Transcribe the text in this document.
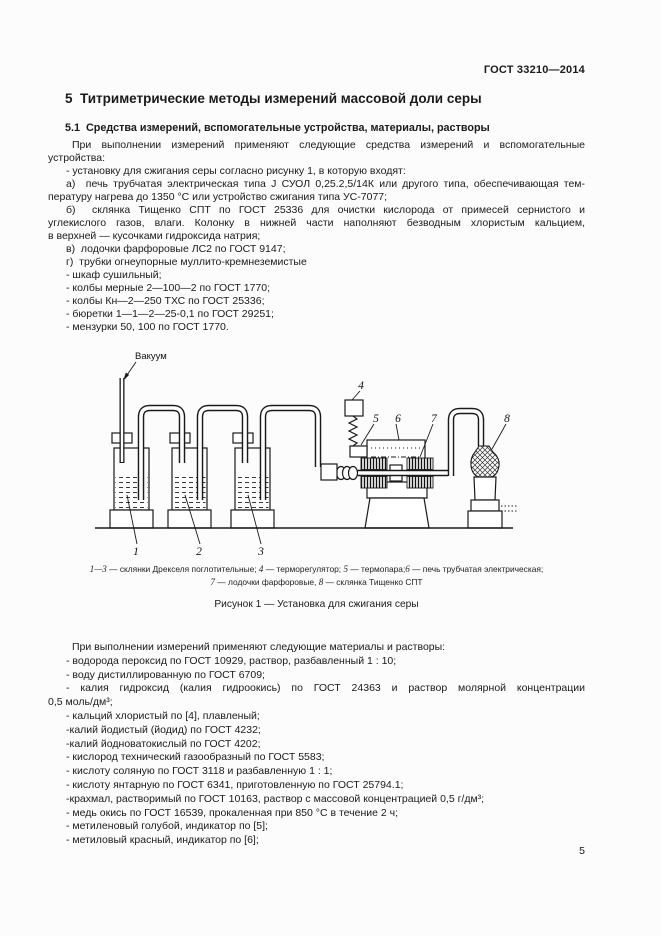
ГОСТ 33210—2014
5  Титриметрические методы измерений массовой доли серы
5.1  Средства измерений, вспомогательные устройства, материалы, растворы
При выполнении измерений применяют следующие средства измерений и вспомогательные
устройства:
- установку для сжигания серы согласно рисунку 1, в которую входят:
а)  печь трубчатая электрическая типа J СУОЛ 0,25.2,5/14К или другого типа, обеспечивающая тем-
пературу нагрева до 1350 °С или устройство сжигания типа УС-7077;
б)  склянка Тищенко СПТ по ГОСТ 25336 для очистки кислорода от примесей сернистого и
углекислого газов, влаги. Колонку в нижней части наполняют безводным хлористым кальцием,
в верхней — кусочками гидроксида натрия;
в)  лодочки фарфоровые ЛС2 по ГОСТ 9147;
г)  трубки огнеупорные муллито-кремнеземистые
- шкаф сушильный;
- колбы мерные 2—100—2 по ГОСТ 1770;
- колбы Кн—2—250 ТХС по ГОСТ 25336;
- бюретки 1—1—2—25-0,1 по ГОСТ 29251;
- мензурки 50, 100 по ГОСТ 1770.
Вакуум
1	2	3
4
5 6	7	8
1—3 — склянки Дрекселя поглотительные; 4 — терморегулятор; 5 — термопара;6 — печь трубчатая электрическая;
7 — лодочки фарфоровые, 8 — склянка Тищенко СПТ
Рисунок 1 — Установка для сжигания серы
При выполнении измерений применяют следующие материалы и растворы:
- водорода пероксид по ГОСТ 10929, раствор, разбавленный 1 : 10;
- воду дистиллированную по ГОСТ 6709;
- калия гидроксид (калия гидроокись) по ГОСТ 24363 и раствор молярной концентрации
0,5 моль/дм³;
- кальций хлористый по [4], плавленый;
-калий йодистый (йодид) по ГОСТ 4232;
-калий йодноватокислый по ГОСТ 4202;
- кислород технический газообразный по ГОСТ 5583;
- кислоту соляную по ГОСТ 3118 и разбавленную 1 : 1;
- кислоту янтарную по ГОСТ 6341, приготовленную по ГОСТ 25794.1;
-крахмал, растворимый по ГОСТ 10163, раствор с массовой концентрацией 0,5 г/дм³;
- медь окись по ГОСТ 16539, прокаленная при 850 °С в течение 2 ч;
- метиленовый голубой, индикатор по [5];
- метиловый красный, индикатор по [6];
5
